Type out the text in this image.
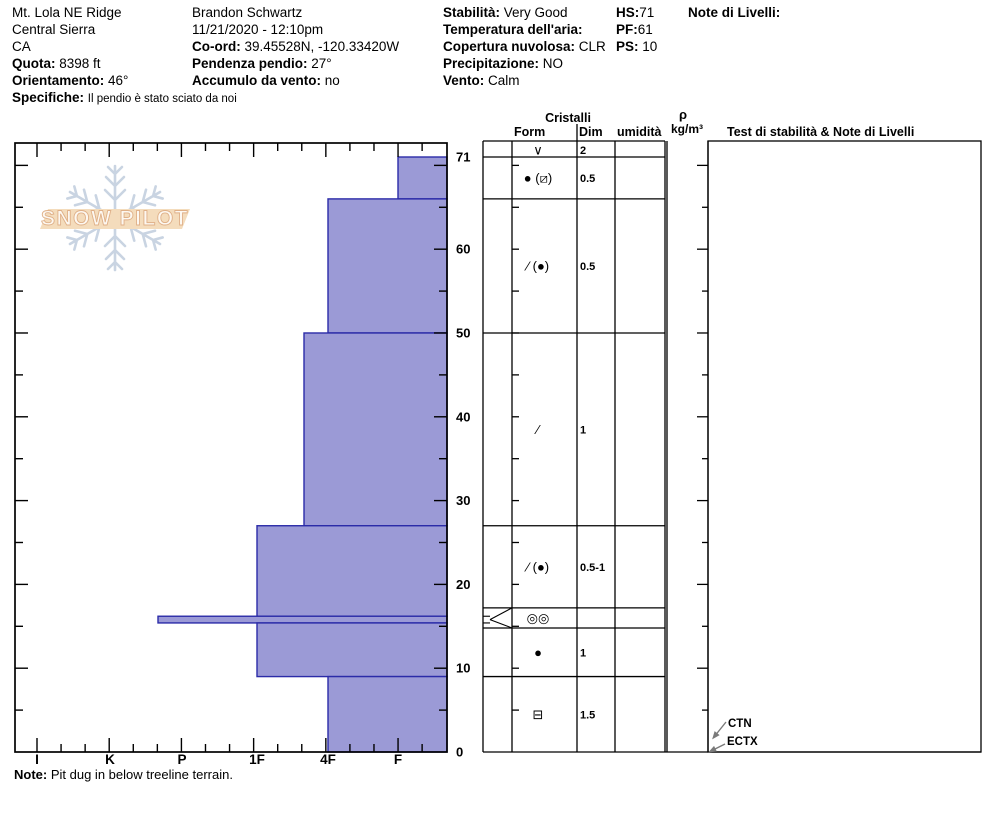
Mt. Lola NE Ridge
Central Sierra
CA
Quota: 8398 ft
Orientamento: 46°
Specifiche: Il pendio è stato sciato da noi
Brandon Schwartz
11/21/2020 - 12:10pm
Co-ord: 39.45528N, -120.33420W
Pendenza pendio: 27°
Accumulo da vento: no
Stabilità: Very Good
Temperatura dell'aria:
Copertura nuvolosa: CLR
Precipitazione: NO
Vento: Calm
HS:71
PF:61
PS: 10
Note di Livelli:
SNOW PILOT
71
60
50
40
30
20
10
0
I	K	P	1F	4F	F
Cristalli
Form	Dim umidità
ρ
kg/m³ Test di stabilità & Note di Livelli
∨	2
● (⧄)	0.5
∕ (●)	0.5
∕	1
∕ (●)	0.5-1
◎◎
●	1
⊟	1.5
CTN
ECTX
Note: Pit dug in below treeline terrain.
